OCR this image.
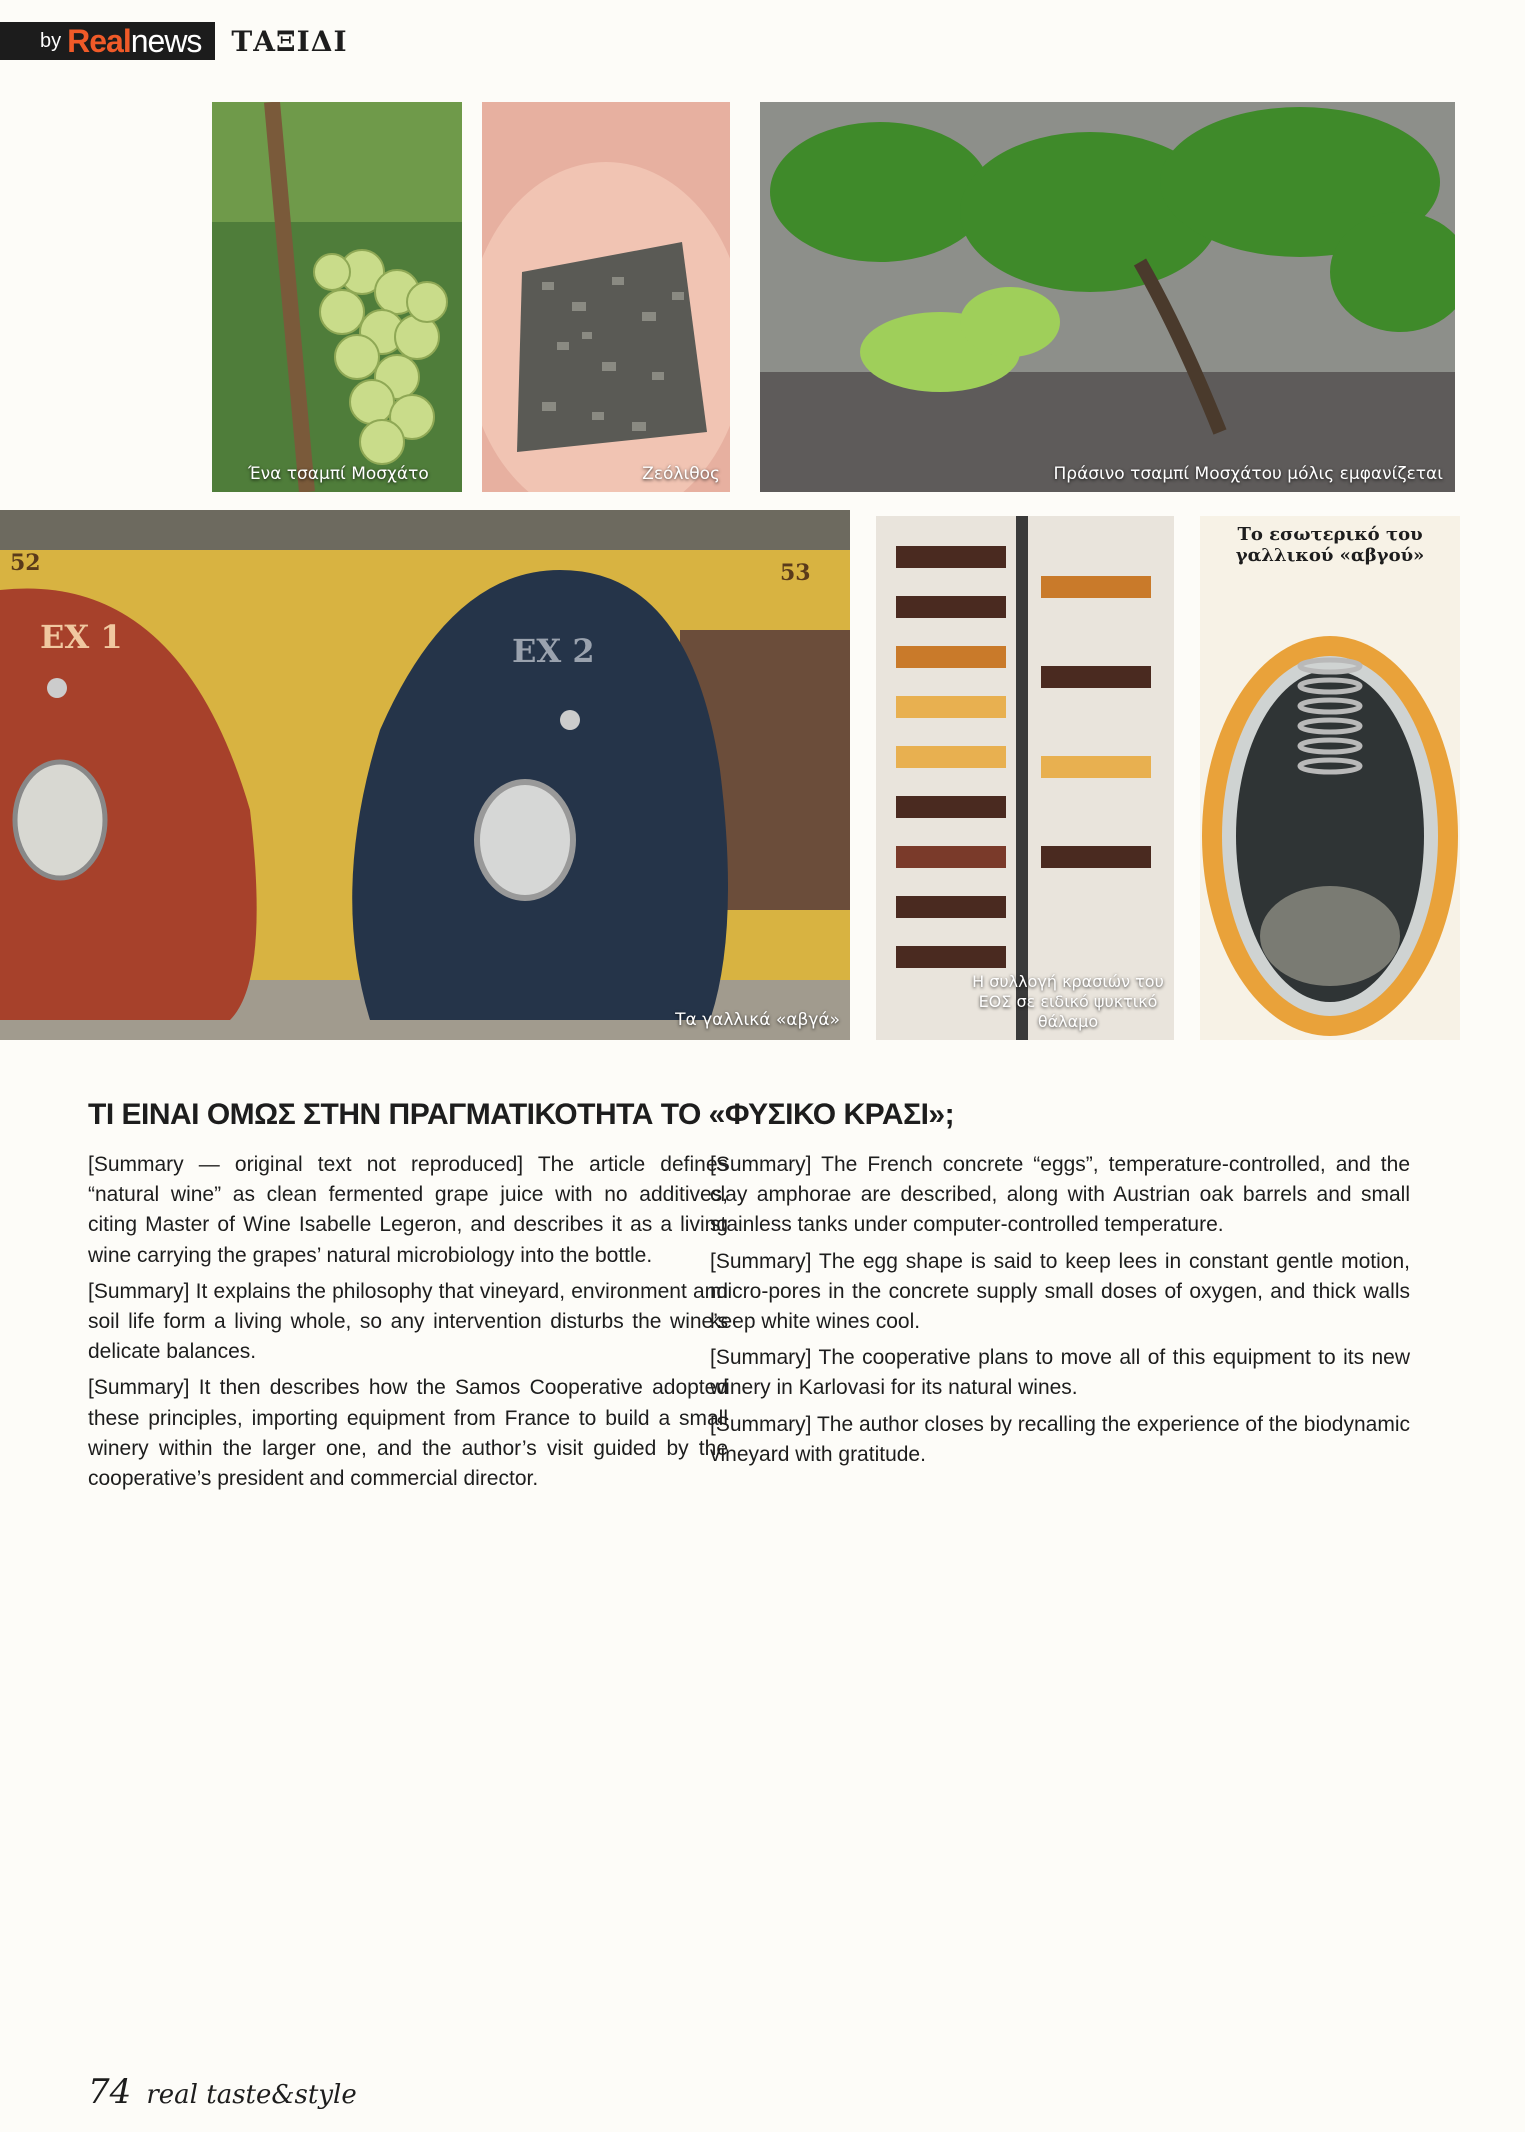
by Real news ΤΑΞΙΔΙ
Ένα τσαμπί Μοσχάτο	Ζεόλιθος	Πράσινο τσαμπί Μοσχάτου μόλις εμφανίζεται
52	53
EX 1	EX 2
Τα γαλλικά «αβγά»
Η συλλογή κρασιών του ΕΟΣ σε ειδικό ψυκτικό θάλαμο
Το εσωτερικό του γαλλικού «αβγού»
ΤΙ ΕΙΝΑΙ ΟΜΩΣ ΣΤΗΝ ΠΡΑΓΜΑΤΙΚΟΤΗΤΑ ΤΟ «ΦΥΣΙΚΟ ΚΡΑΣΙ»;

[Summary — original text not reproduced] The article defines “natural wine” as clean fermented grape juice with no additives, citing Master of Wine Isabelle Legeron, and describes it as a living wine carrying the grapes’ natural microbiology into the bottle.

[Summary] It explains the philosophy that vineyard, environment and soil life form a living whole, so any intervention disturbs the wine’s delicate balances.

[Summary] It then describes how the Samos Cooperative adopted these principles, importing equipment from France to build a small winery within the larger one, and the author’s visit guided by the cooperative’s president and commercial director.

[Summary] The French concrete “eggs”, temperature-controlled, and the clay amphorae are described, along with Austrian oak barrels and small stainless tanks under computer-controlled temperature.

[Summary] The egg shape is said to keep lees in constant gentle motion, micro-pores in the concrete supply small doses of oxygen, and thick walls keep white wines cool.

[Summary] The cooperative plans to move all of this equipment to its new winery in Karlovasi for its natural wines.

[Summary] The author closes by recalling the experience of the biodynamic vineyard with gratitude.

74 real taste&style
